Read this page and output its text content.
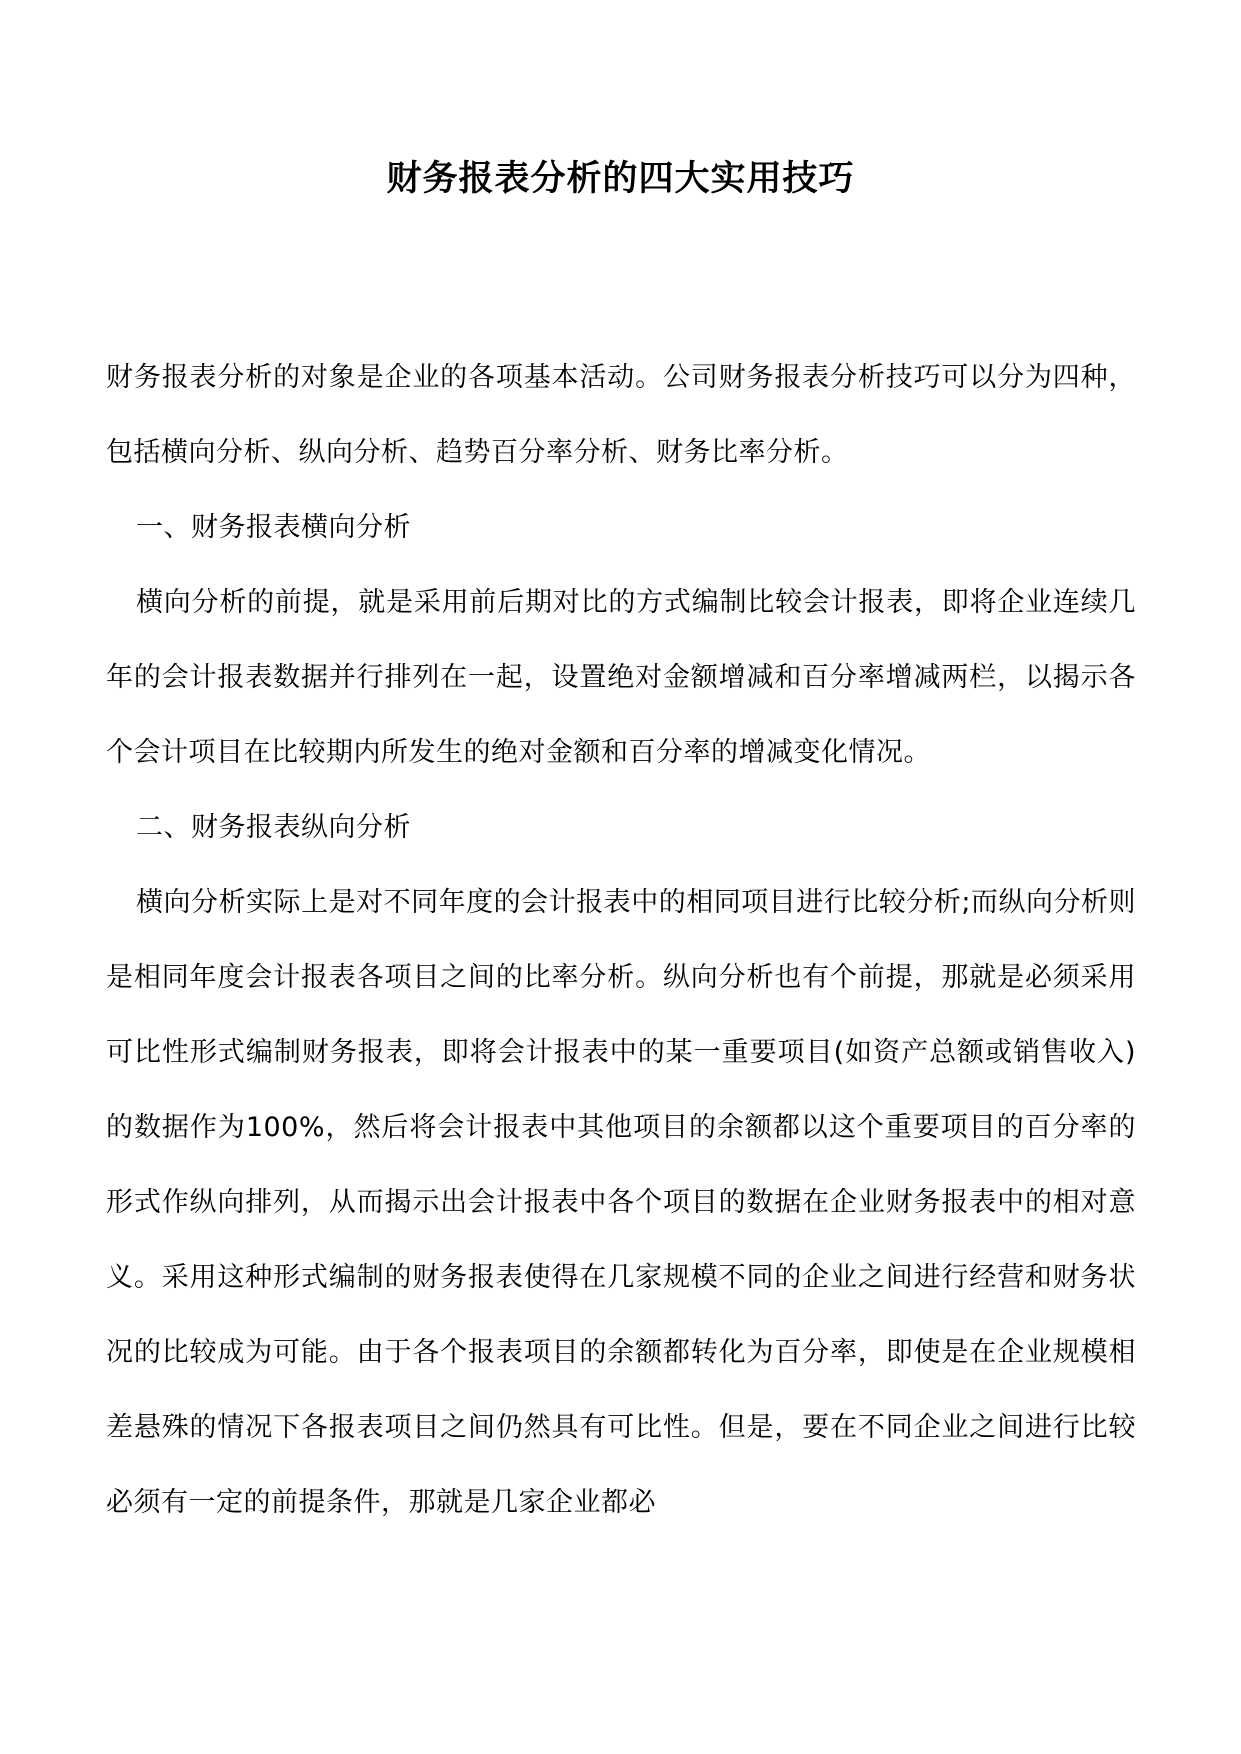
财务报表分析的四大实用技巧

财务报表分析的对象是企业的各项基本活动。公司财务报表分析技巧可以分为四种，包括横向分析、纵向分析、趋势百分率分析、财务比率分析。

一、财务报表横向分析

横向分析的前提，就是采用前后期对比的方式编制比较会计报表，即将企业连续几年的会计报表数据并行排列在一起，设置绝对金额增减和百分率增减两栏，以揭示各个会计项目在比较期内所发生的绝对金额和百分率的增减变化情况。

二、财务报表纵向分析

横向分析实际上是对不同年度的会计报表中的相同项目进行比较分析;而纵向分析则是相同年度会计报表各项目之间的比率分析。纵向分析也有个前提，那就是必须采用可比性形式编制财务报表，即将会计报表中的某一重要项目(如资产总额或销售收入)的数据作为100%，然后将会计报表中其他项目的余额都以这个重要项目的百分率的形式作纵向排列，从而揭示出会计报表中各个项目的数据在企业财务报表中的相对意义。采用这种形式编制的财务报表使得在几家规模不同的企业之间进行经营和财务状况的比较成为可能。由于各个报表项目的余额都转化为百分率，即使是在企业规模相差悬殊的情况下各报表项目之间仍然具有可比性。但是，要在不同企业之间进行比较必须有一定的前提条件，那就是几家企业都必
